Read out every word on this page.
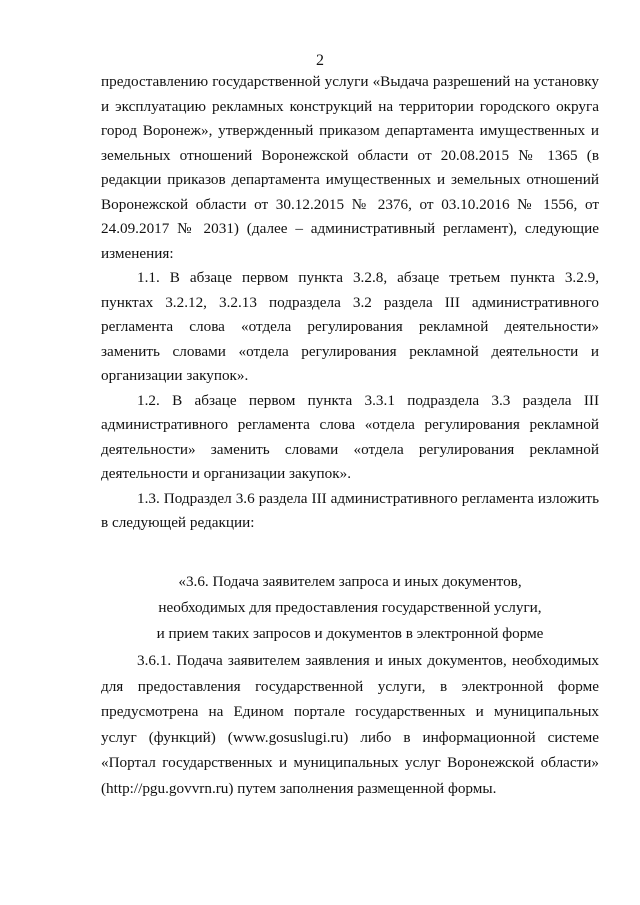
2

предоставлению государственной услуги «Выдача разрешений на установку и эксплуатацию рекламных конструкций на территории городского округа город Воронеж», утвержденный приказом департамента имущественных и земельных отношений Воронежской области от 20.08.2015 № 1365 (в редакции приказов департамента имущественных и земельных отношений Воронежской области от 30.12.2015 № 2376, от 03.10.2016 № 1556, от 24.09.2017 № 2031) (далее – административный регламент), следующие изменения:

1.1. В абзаце первом пункта 3.2.8, абзаце третьем пункта 3.2.9, пунктах 3.2.12, 3.2.13 подраздела 3.2 раздела III административного регламента слова «отдела регулирования рекламной деятельности» заменить словами «отдела регулирования рекламной деятельности и организации закупок».

1.2. В абзаце первом пункта 3.3.1 подраздела 3.3 раздела III административного регламента слова «отдела регулирования рекламной деятельности» заменить словами «отдела регулирования рекламной деятельности и организации закупок».

1.3. Подраздел 3.6 раздела III административного регламента изложить в следующей редакции:

«3.6. Подача заявителем запроса и иных документов,
необходимых для предоставления государственной услуги,
и прием таких запросов и документов в электронной форме

3.6.1. Подача заявителем заявления и иных документов, необходимых для предоставления государственной услуги, в электронной форме предусмотрена на Едином портале государственных и муниципальных услуг (функций) (www.gosuslugi.ru) либо в информационной системе «Портал государственных и муниципальных услуг Воронежской области» (http://pgu.govvrn.ru) путем заполнения размещенной формы.
